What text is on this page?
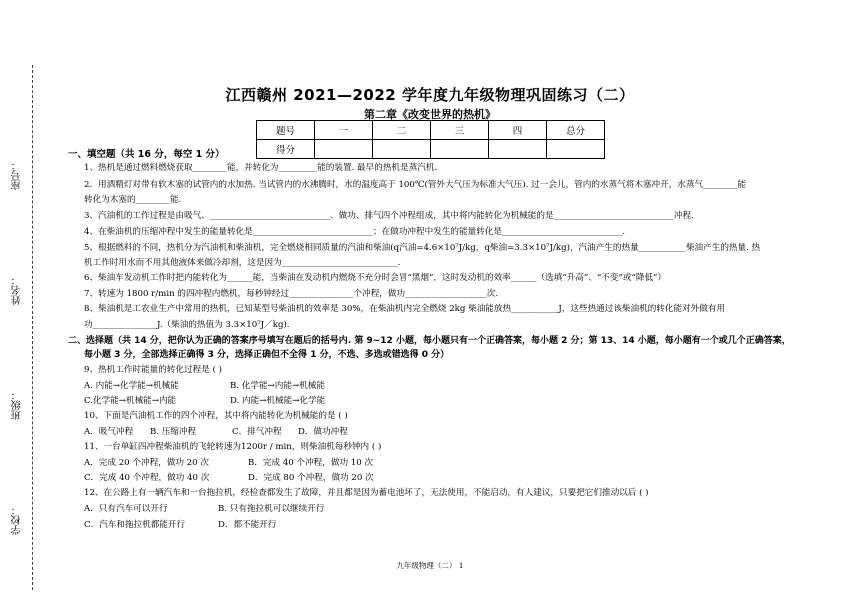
座号：
姓名：
班级：
学校：
江西赣州 2021—2022 学年度九年级物理巩固练习（二）
第二章《改变世界的热机》
题号	一	二	三	四	总分
得分					
一、填空题（共 16 分，每空 1 分）
1、热机是通过燃料燃烧获取________能，并转化为_________能的装置. 最早的热机是蒸汽机.
2．用酒精灯对带有软木塞的试管内的水加热. 当试管内的水沸腾时，水的温度高于 100℃(管外大气压为标准大气压). 过一会儿，管内的水蒸气将木塞冲开，水蒸气________能
转化为木塞的________能.
3、汽油机的工作过程是由吸气、____________________________、做功、排气四个冲程组成，其中将内能转化为机械能的是____________________________冲程.
4、在柴油机的压缩冲程中发生的能量转化是____________________________；在做功冲程中发生的能量转化是____________________________.
5、根据燃料的不同，热机分为汽油机和柴油机，完全燃烧相同质量的汽油和柴油(q汽油=4.6×10⁷J/kg，q柴油=3.3×10⁷J/kg)，汽油产生的热量___________柴油产生的热量. 热
机工作时用水而不用其他液体来做冷却剂，这是因为___________________________.
6、柴油车发动机工作时把内能转化为______能，当柴油在发动机内燃烧不充分时会冒“黑烟”，这时发动机的效率______（选填“升高”、“不变”或“降低”）
7、转速为 1800 r/min 的四冲程内燃机，每秒钟经过_______________个冲程，做功___________________次.
8、柴油机是工农业生产中常用的热机，已知某型号柴油机的效率是 30%，在柴油机内完全燃烧 2kg 柴油能放热___________J，这些热通过该柴油机的转化能对外做有用
功_______________J.（柴油的热值为 3.3×10⁷J／kg).
二、选择题（共 14 分，把你认为正确的答案序号填写在题后的括号内. 第 9~12 小题，每小题只有一个正确答案，每小题 2 分；第 13、14 小题，每小题有一个或几个正确答案，
每小题 3 分，全部选择正确得 3 分，选择正确但不全得 1 分，不选、多选或错选得 0 分）
9、热机工作时能量的转化过程是 ( )
A. 内能→化学能→机械能	B. 化学能→内能→机械能
C.化学能→机械能→内能	D. 内能→机械能→化学能
10、下面是汽油机工作的四个冲程，其中将内能转化为机械能的是 ( )
A．吸气冲程 B. 压缩冲程	C．排气冲程 D．做功冲程
11、一台单缸四冲程柴油机的飞轮转速为1200r / min，则柴油机每秒钟内 ( )
A．完成 20 个冲程，做功 20 次	B．完成 40 个冲程，做功 10 次
C．完成 40 个冲程，做功 40 次	D．完成 80 个冲程，做功 20 次
12、在公路上有一辆汽车和一台拖拉机，经检查都发生了故障，并且都是因为蓄电池坏了，无法使用，不能启动，有人建议，只要把它们推动以后 ( )
A．只有汽车可以开行	B. 只有拖拉机可以继续开行
C．汽车和拖拉机都能开行	D．都不能开行
九年级物理（二） 1
